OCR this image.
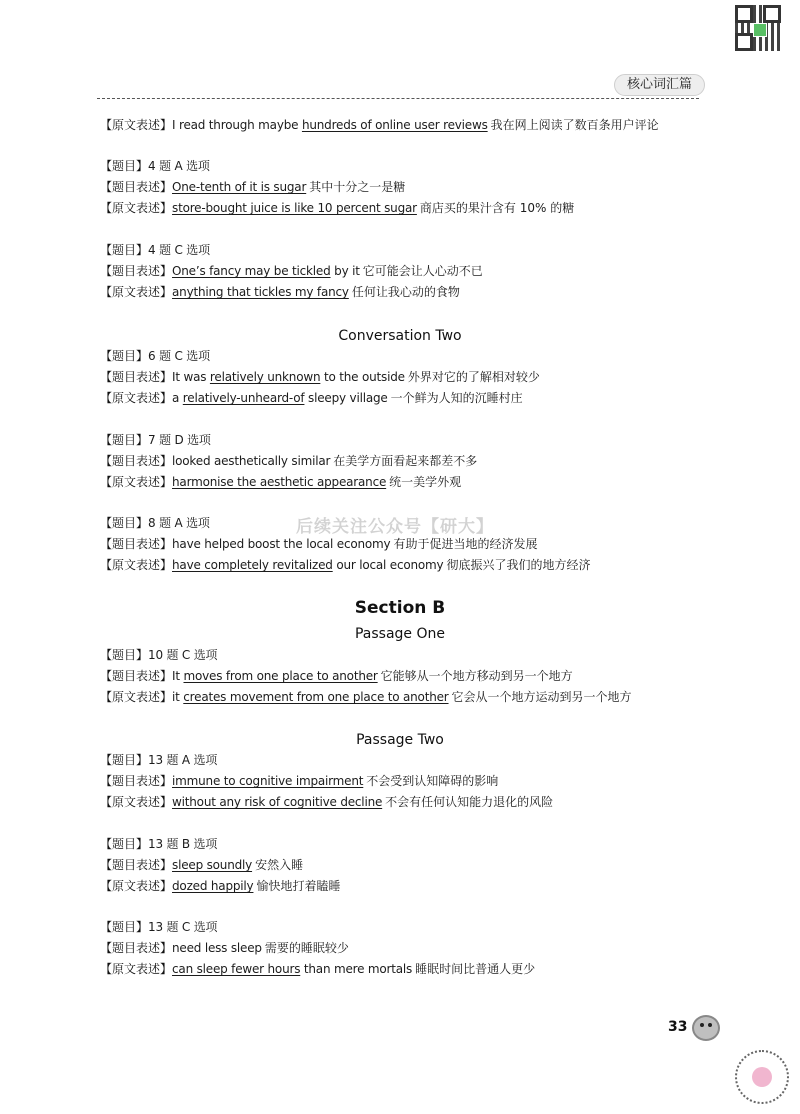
核心词汇篇
Conversation Two
Section B
Passage One
Passage Two
【原文表述】I read through maybe hundreds of online user reviews 我在网上阅读了数百条用户评论
【题目】4 题 A 选项
【题目表述】One-tenth of it is sugar 其中十分之一是糖
【原文表述】store-bought juice is like 10 percent sugar 商店买的果汁含有 10% 的糖
【题目】4 题 C 选项
【题目表述】One’s fancy may be tickled by it 它可能会让人心动不已
【原文表述】anything that tickles my fancy 任何让我心动的食物
【题目】6 题 C 选项
【题目表述】It was relatively unknown to the outside 外界对它的了解相对较少
【原文表述】a relatively-unheard-of sleepy village 一个鲜为人知的沉睡村庄
【题目】7 题 D 选项
【题目表述】looked aesthetically similar 在美学方面看起来都差不多
【原文表述】harmonise the aesthetic appearance 统一美学外观
【题目】8 题 A 选项
【题目表述】have helped boost the local economy 有助于促进当地的经济发展
【原文表述】have completely revitalized our local economy 彻底振兴了我们的地方经济
【题目】10 题 C 选项
【题目表述】It moves from one place to another 它能够从一个地方移动到另一个地方
【原文表述】it creates movement from one place to another 它会从一个地方运动到另一个地方
【题目】13 题 A 选项
【题目表述】immune to cognitive impairment 不会受到认知障碍的影响
【原文表述】without any risk of cognitive decline 不会有任何认知能力退化的风险
【题目】13 题 B 选项
【题目表述】sleep soundly 安然入睡
【原文表述】dozed happily 愉快地打着瞌睡
【题目】13 题 C 选项
【题目表述】need less sleep 需要的睡眠较少
【原文表述】can sleep fewer hours than mere mortals 睡眠时间比普通人更少
后续关注公众号【研大】
33
